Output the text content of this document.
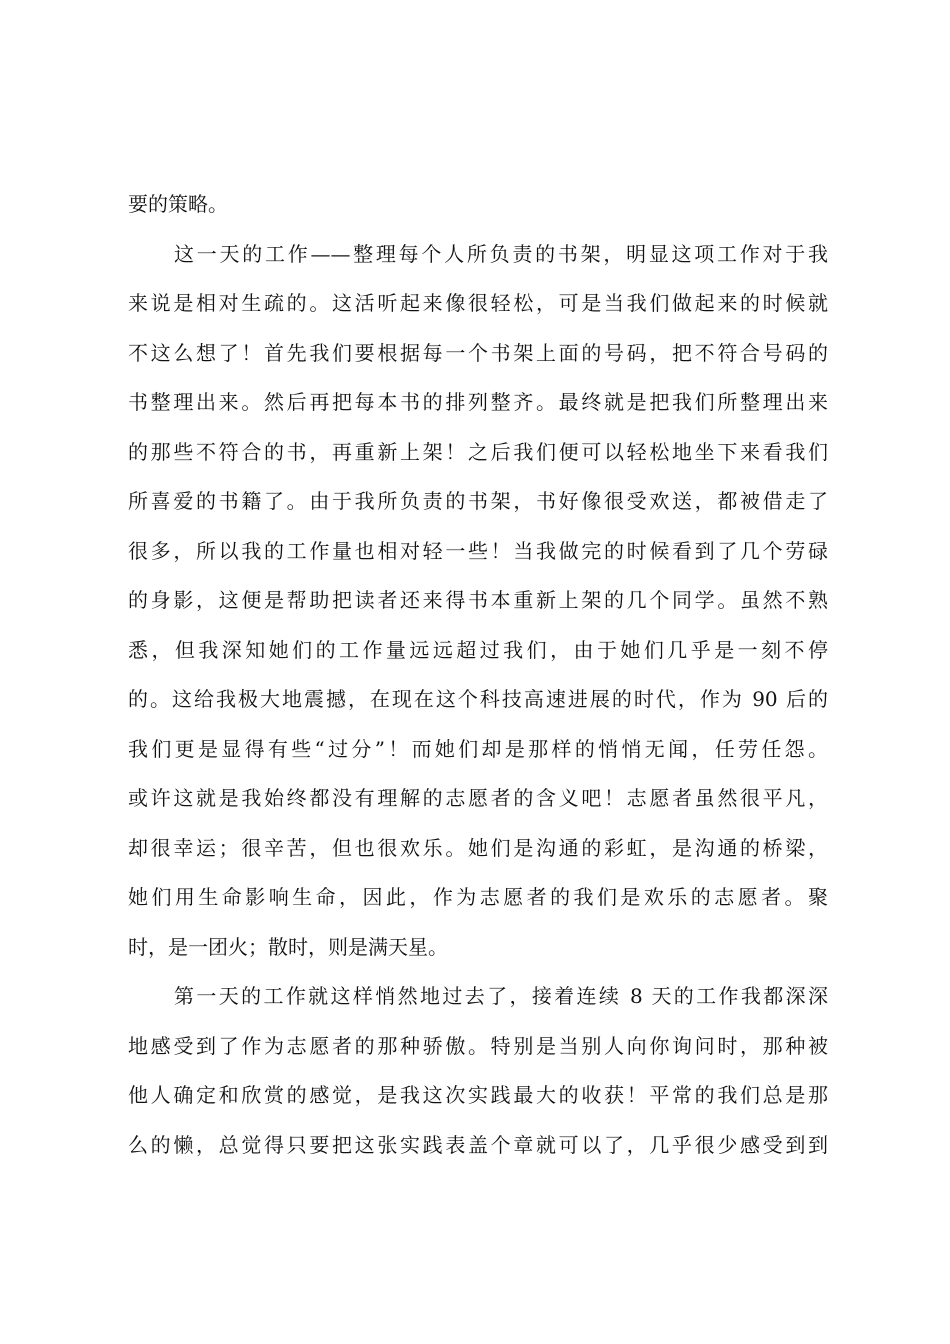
要的策略。
这一天的工作——整理每个人所负责的书架，明显这项工作对于我
来说是相对生疏的。这活听起来像很轻松，可是当我们做起来的时候就
不这么想了！首先我们要根据每一个书架上面的号码，把不符合号码的
书整理出来。然后再把每本书的排列整齐。最终就是把我们所整理出来
的那些不符合的书，再重新上架！之后我们便可以轻松地坐下来看我们
所喜爱的书籍了。由于我所负责的书架，书好像很受欢送，都被借走了
很多，所以我的工作量也相对轻一些！当我做完的时候看到了几个劳碌
的身影，这便是帮助把读者还来得书本重新上架的几个同学。虽然不熟
悉，但我深知她们的工作量远远超过我们，由于她们几乎是一刻不停
的。这给我极大地震撼，在现在这个科技高速进展的时代，作为 90 后的
我们更是显得有些“过分”！而她们却是那样的悄悄无闻，任劳任怨。
或许这就是我始终都没有理解的志愿者的含义吧！志愿者虽然很平凡，
却很幸运；很辛苦，但也很欢乐。她们是沟通的彩虹，是沟通的桥梁，
她们用生命影响生命，因此，作为志愿者的我们是欢乐的志愿者。聚
时，是一团火；散时，则是满天星。
第一天的工作就这样悄然地过去了，接着连续 8 天的工作我都深深
地感受到了作为志愿者的那种骄傲。特别是当别人向你询问时，那种被
他人确定和欣赏的感觉，是我这次实践最大的收获！平常的我们总是那
么的懒，总觉得只要把这张实践表盖个章就可以了，几乎很少感受到到
